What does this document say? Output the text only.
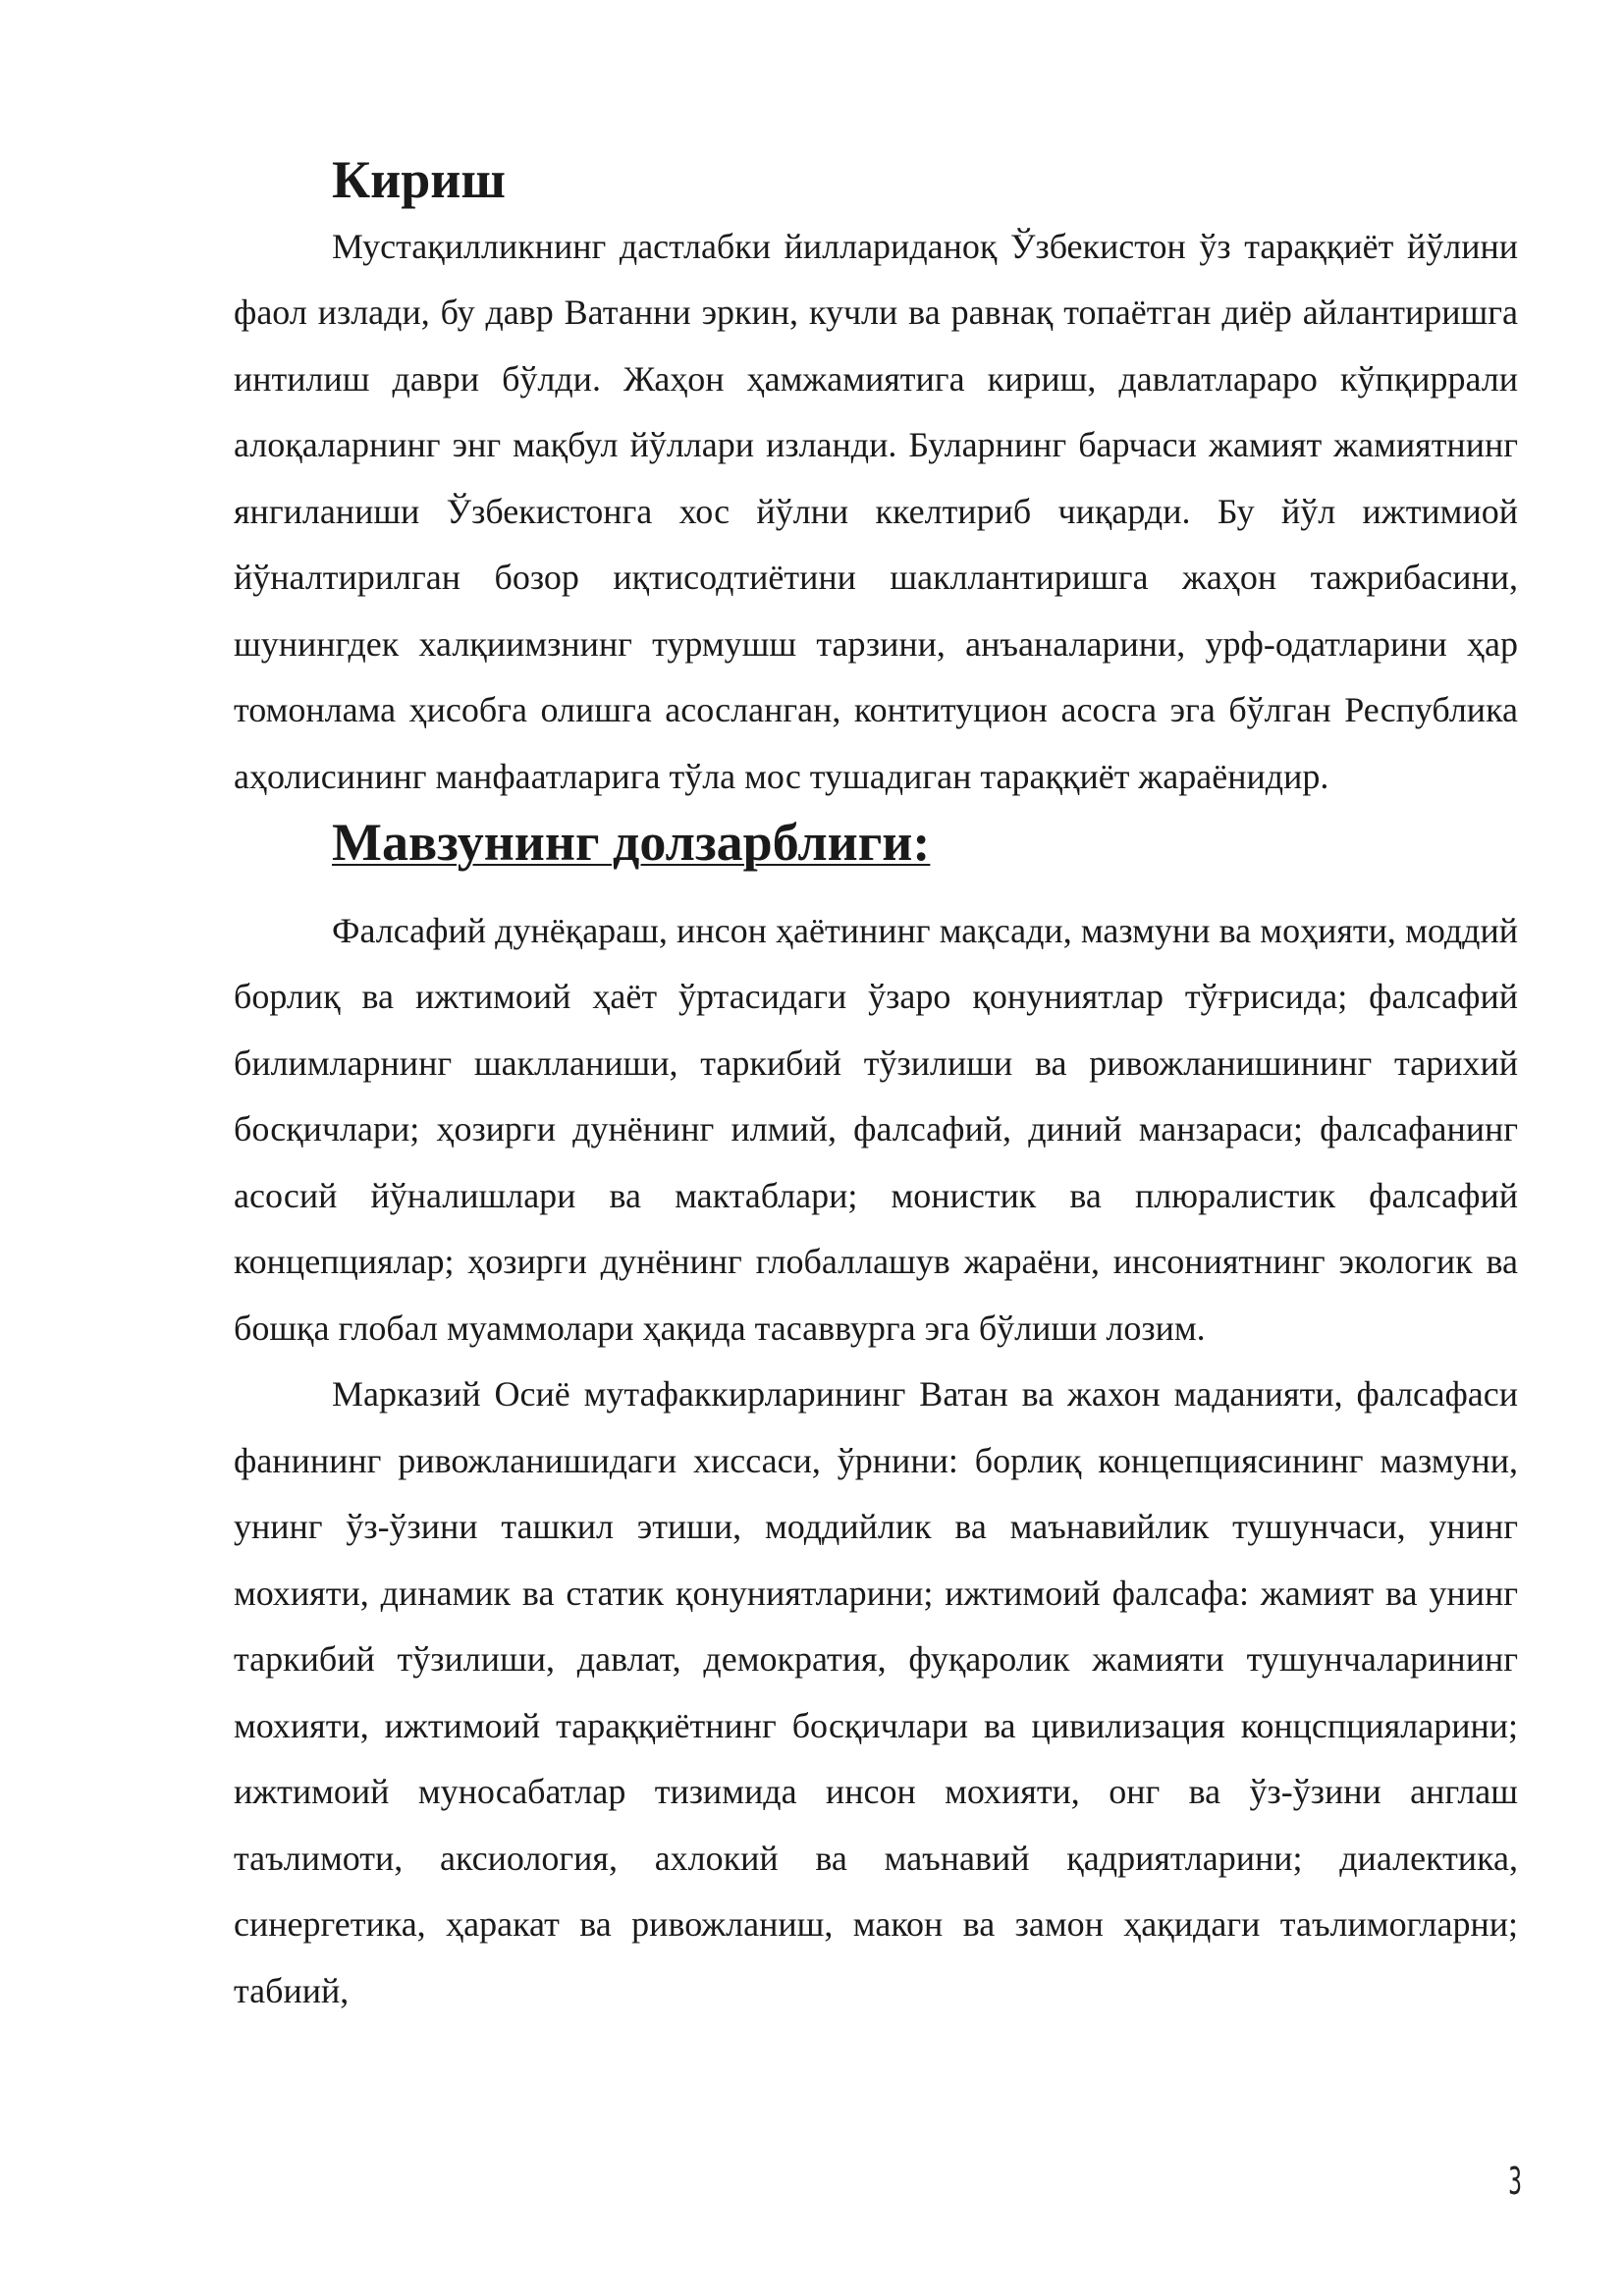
Кириш

Мустақилликнинг дастлабки йиллариданоқ Ўзбекистон ўз тараққиёт йўлини фаол излади, бу давр Ватанни эркин, кучли ва равнақ топаётган диёр айлантиришга интилиш даври бўлди. Жаҳон ҳамжамиятига кириш, давлатлараро кўпқиррали алоқаларнинг энг мақбул йўллари изланди. Буларнинг барчаси жамият жамиятнинг янгиланиши Ўзбекистонга хос йўлни ккелтириб чиқарди. Бу йўл ижтимиой йўналтирилган бозор иқтисодтиётини шакллантиришга жаҳон тажрибасини, шунингдек халқиимзнинг турмушш тарзини, анъаналарини, урф-одатларини ҳар томонлама ҳисобга олишга асосланган, контитуцион асосга эга бўлган Республика аҳолисининг манфаатларига тўла мос тушадиган тараққиёт жараёнидир.

Мавзунинг долзарблиги:

Фалсафий дунёқараш, инсон ҳаётининг мақсади, мазмуни ва моҳияти, моддий борлиқ ва ижтимоий ҳаёт ўртасидаги ўзаро қонуниятлар тўғрисида; фалсафий билимларнинг шаклланиши, таркибий тўзилиши ва ривожланишининг тарихий босқичлари; ҳозирги дунёнинг илмий, фалсафий, диний манзараси; фалсафанинг асосий йўналишлари ва мактаблари; монистик ва плюралистик фалсафий концепциялар; ҳозирги дунёнинг глобаллашув жараёни, инсониятнинг экологик ва бошқа глобал муаммолари ҳақида тасаввурга эга бўлиши лозим.

Марказий Осиё мутафаккирларининг Ватан ва жахон маданияти, фалсафаси фанининг ривожланишидаги хиссаси, ўрнини: борлиқ концепциясининг мазмуни, унинг ўз-ўзини ташкил этиши, моддийлик ва маънавийлик тушунчаси, унинг мохияти, динамик ва статик қонуниятларини; ижтимоий фалсафа: жамият ва унинг таркибий тўзилиши, давлат, демократия, фуқаролик жамияти тушунчаларининг мохияти, ижтимоий тараққиётнинг босқичлари ва цивилизация концспцияларини; ижтимоий муносабатлар тизимида инсон мохияти, онг ва ўз-ўзини англаш таълимоти, аксиология, ахлокий ва маънавий қадриятларини; диалектика, синергетика, ҳаракат ва ривожланиш, макон ва замон ҳақидаги таълимогларни; табиий,

3
